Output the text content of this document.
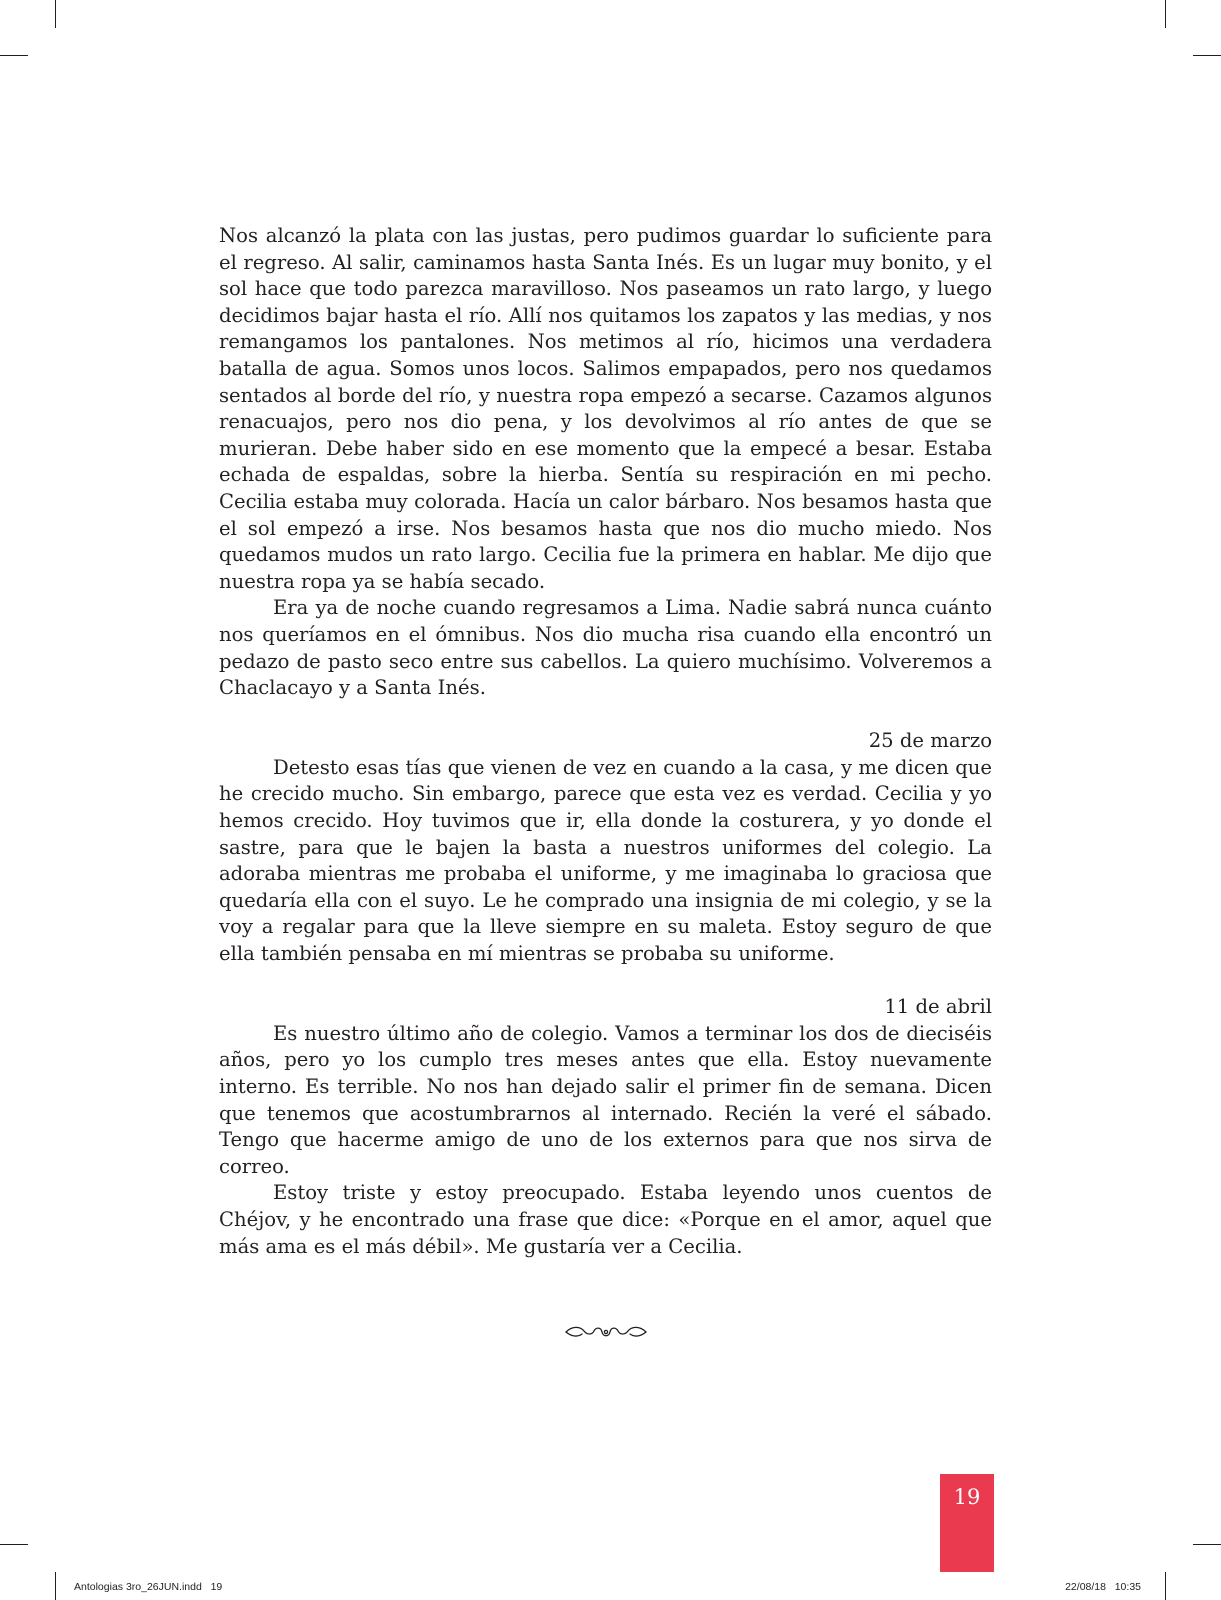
Nos alcanzó la plata con las justas, pero pudimos guardar lo suficiente para el regreso. Al salir, caminamos hasta Santa Inés. Es un lugar muy bonito, y el sol hace que todo parezca maravilloso. Nos paseamos un rato largo, y luego decidimos bajar hasta el río. Allí nos quitamos los zapatos y las medias, y nos remangamos los pantalones. Nos metimos al río, hicimos una verdadera batalla de agua. Somos unos locos. Salimos empapados, pero nos quedamos sentados al borde del río, y nuestra ropa empezó a secarse. Cazamos algunos renacuajos, pero nos dio pena, y los devolvimos al río antes de que se murieran. Debe haber sido en ese momento que la empecé a besar. Estaba echada de espaldas, sobre la hierba. Sentía su respiración en mi pecho. Cecilia estaba muy colorada. Hacía un calor bárbaro. Nos besamos hasta que el sol empezó a irse. Nos besamos hasta que nos dio mucho miedo. Nos quedamos mudos un rato largo. Cecilia fue la primera en hablar. Me dijo que nuestra ropa ya se había secado.

Era ya de noche cuando regresamos a Lima. Nadie sabrá nunca cuánto nos queríamos en el ómnibus. Nos dio mucha risa cuando ella encontró un pedazo de pasto seco entre sus cabellos. La quiero muchísimo. Volveremos a Chaclacayo y a Santa Inés.

25 de marzo

Detesto esas tías que vienen de vez en cuando a la casa, y me dicen que he crecido mucho. Sin embargo, parece que esta vez es verdad. Cecilia y yo hemos crecido. Hoy tuvimos que ir, ella donde la costurera, y yo donde el sastre, para que le bajen la basta a nuestros uniformes del colegio. La adoraba mientras me probaba el uniforme, y me imaginaba lo graciosa que quedaría ella con el suyo. Le he comprado una insignia de mi colegio, y se la voy a regalar para que la lleve siempre en su maleta. Estoy seguro de que ella también pensaba en mí mientras se probaba su uniforme.

11 de abril

Es nuestro último año de colegio. Vamos a terminar los dos de dieciséis años, pero yo los cumplo tres meses antes que ella. Estoy nuevamente interno. Es terrible. No nos han dejado salir el primer fin de semana. Dicen que tenemos que acostumbrarnos al internado. Recién la veré el sábado. Tengo que hacerme amigo de uno de los externos para que nos sirva de correo.

Estoy triste y estoy preocupado. Estaba leyendo unos cuentos de Chéjov, y he encontrado una frase que dice: «Porque en el amor, aquel que más ama es el más débil». Me gustaría ver a Cecilia.

19
Antologias 3ro_26JUN.indd   19	22/08/18   10:35
